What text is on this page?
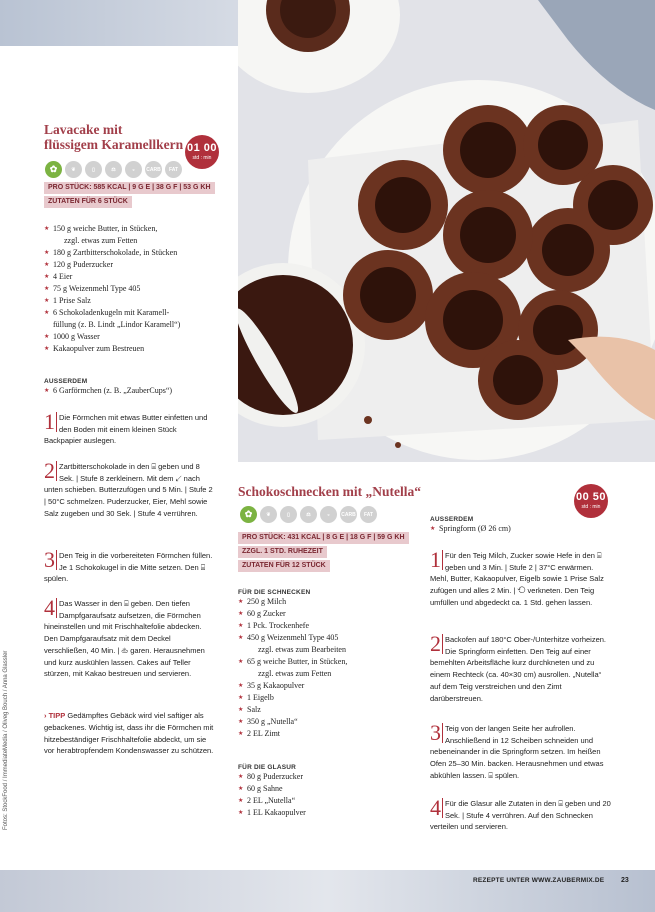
Lavacake mit
flüssigem Karamellkern 01 00
std : min
✿	❦	▯	⚖	◒	CARB	FAT
PRO STÜCK: 585 KCAL | 9 G E | 38 G F | 53 G KH
ZUTATEN FÜR 6 STÜCK
★ 150 g weiche Butter, in Stücken,
zzgl. etwas zum Fetten
★ 180 g Zartbitterschokolade, in Stücken
★ 120 g Puderzucker
★ 4 Eier
★ 75 g Weizenmehl Type 405
★ 1 Prise Salz
★ 6 Schokoladenkugeln mit Karamell-
füllung (z. B. Lindt „Lindor Karamell“)
★ 1000 g Wasser
★ Kakaopulver zum Bestreuen
AUSSERDEM
★ 6 Garförmchen (z. B. „ZauberCups“)
1 Die Förmchen mit etwas Butter einfetten und den Boden mit einem kleinen Stück Backpapier auslegen.
2 Zartbitterschokolade in den ⌸ geben und 8 Sek. | Stufe 8 zerkleinern. Mit dem ↙ nach unten schieben. Butterzufügen und 5 Min. | Stufe 2 | 50°C schmelzen. Puderzucker, Eier, Mehl sowie Salz zugeben und 30 Sek. | Stufe 4 verrühren.
3 Den Teig in die vorbereiteten Förmchen füllen. Je 1 Schokokugel in die Mitte setzen. Den ⌸ spülen.
4 Das Wasser in den ⌸ geben. Den tiefen Dampfgaraufsatz aufsetzen, die Förmchen hineinstellen und mit Frischhaltefolie abdecken. Den Dampfgaraufsatz mit dem Deckel verschließen, 40 Min. | ♨ garen. Herausnehmen und kurz auskühlen lassen. Cakes auf Teller stürzen, mit Kakao bestreuen und servieren.
› TIPP Gedämpftes Gebäck wird viel saftiger als gebackenes. Wichtig ist, dass ihr die Förmchen mit hitzebeständiger Frischhaltefolie abdeckt, um sie vor herabtropfendem Kondenswasser zu schützen.
Fotos: StockFood / ImmediateMedia / Oliveg Bouch / Anna Glassler
Schokoschnecken mit „Nutella“	00 50
std : min
✿	❦	▯	⚖	◒	CARB	FAT
PRO STÜCK: 431 KCAL | 8 G E | 18 G F | 59 G KH
ZZGL. 1 STD. RUHEZEIT
ZUTATEN FÜR 12 STÜCK
FÜR DIE SCHNECKEN
★ 250 g Milch
★ 60 g Zucker
★ 1 Pck. Trockenhefe
★ 450 g Weizenmehl Type 405
zzgl. etwas zum Bearbeiten
★ 65 g weiche Butter, in Stücken,
zzgl. etwas zum Fetten
★ 35 g Kakaopulver
★ 1 Eigelb
★ Salz
★ 350 g „Nutella“
★ 2 EL Zimt
FÜR DIE GLASUR
★ 80 g Puderzucker
★ 60 g Sahne
★ 2 EL „Nutella“
★ 1 EL Kakaopulver
AUSSERDEM
★ Springform (Ø 26 cm)
1 Für den Teig Milch, Zucker sowie Hefe in den ⌸ geben und 3 Min. | Stufe 2 | 37°C erwärmen. Mehl, Butter, Kakaopulver, Eigelb sowie 1 Prise Salz zufügen und alles 2 Min. | ⟲ verkneten. Den Teig umfüllen und abgedeckt ca. 1 Std. gehen lassen.
2 Backofen auf 180°C Ober-/Unterhitze vorheizen. Die Springform einfetten. Den Teig auf einer bemehlten Arbeitsfläche kurz durchkneten und zu einem Rechteck (ca. 40×30 cm) ausrollen. „Nutella“ auf dem Teig verstreichen und den Zimt darüberstreuen.
3 Teig von der langen Seite her aufrollen. Anschließend in 12 Scheiben schneiden und nebeneinander in die Springform setzen. Im heißen Ofen 25–30 Min. backen. Herausnehmen und etwas abkühlen lassen. ⌸ spülen.
4 Für die Glasur alle Zutaten in den ⌸ geben und 20 Sek. | Stufe 4 verrühren. Auf den Schnecken verteilen und servieren.
REZEPTE UNTER WWW.ZAUBERMIX.DE 23
